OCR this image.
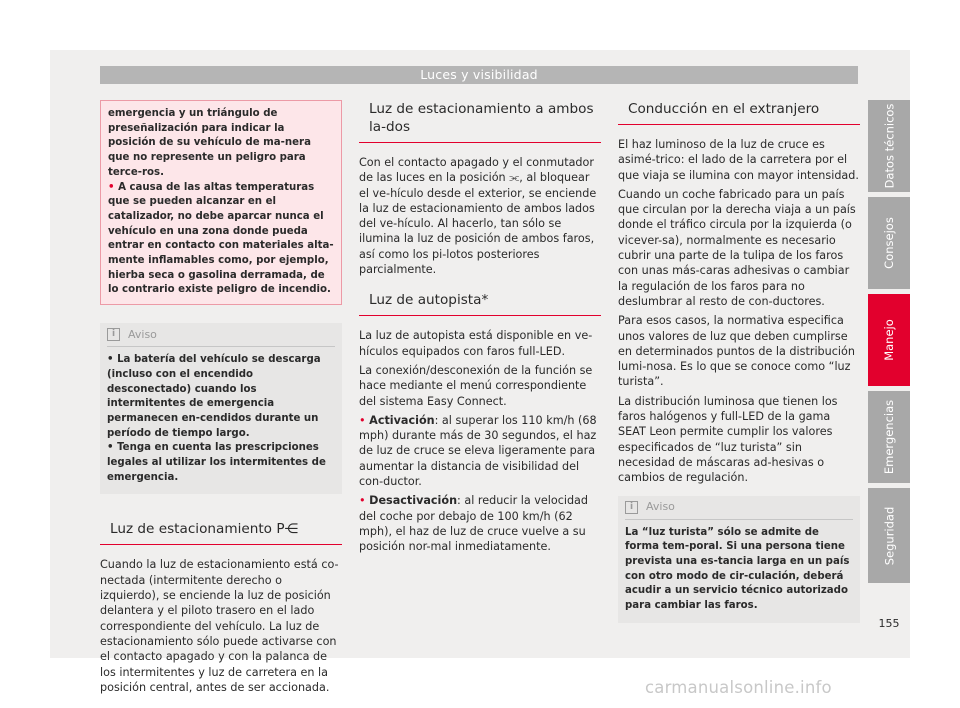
Luces y visibilidad

emergencia y un triángulo de preseñalización para indicar la posición de su vehículo de ma-nera que no represente un peligro para terce-ros.

• A causa de las altas temperaturas que se pueden alcanzar en el catalizador, no debe aparcar nunca el vehículo en una zona donde pueda entrar en contacto con materiales alta-mente inflamables como, por ejemplo, hierba seca o gasolina derramada, de lo contrario existe peligro de incendio.

i	Aviso

• La batería del vehículo se descarga (incluso con el encendido desconectado) cuando los intermitentes de emergencia permanecen en-cendidos durante un período de tiempo largo.

• Tenga en cuenta las prescripciones legales al utilizar los intermitentes de emergencia.

Luz de estacionamiento P⋲

Cuando la luz de estacionamiento está co-nectada (intermitente derecho o izquierdo), se enciende la luz de posición delantera y el piloto trasero en el lado correspondiente del vehículo. La luz de estacionamiento sólo puede activarse con el contacto apagado y con la palanca de los intermitentes y luz de carretera en la posición central, antes de ser accionada.

Luz de estacionamiento a ambos la-dos

Con el contacto apagado y el conmutador de las luces en la posición ⫘, al bloquear el ve-hículo desde el exterior, se enciende la luz de estacionamiento de ambos lados del ve-hículo. Al hacerlo, tan sólo se ilumina la luz de posición de ambos faros, así como los pi-lotos posteriores parcialmente.

Luz de autopista*

La luz de autopista está disponible en ve-hículos equipados con faros full-LED.

La conexión/desconexión de la función se hace mediante el menú correspondiente del sistema Easy Connect.

• Activación: al superar los 110 km/h (68 mph) durante más de 30 segundos, el haz de luz de cruce se eleva ligeramente para aumentar la distancia de visibilidad del con-ductor.

• Desactivación: al reducir la velocidad del coche por debajo de 100 km/h (62 mph), el haz de luz de cruce vuelve a su posición nor-mal inmediatamente.

Conducción en el extranjero

El haz luminoso de la luz de cruce es asimé-trico: el lado de la carretera por el que viaja se ilumina con mayor intensidad.

Cuando un coche fabricado para un país que circulan por la derecha viaja a un país donde el tráfico circula por la izquierda (o vicever-sa), normalmente es necesario cubrir una parte de la tulipa de los faros con unas más-caras adhesivas o cambiar la regulación de los faros para no deslumbrar al resto de con-ductores.

Para esos casos, la normativa especifica unos valores de luz que deben cumplirse en determinados puntos de la distribución lumi-nosa. Es lo que se conoce como “luz turista”.

La distribución luminosa que tienen los faros halógenos y full-LED de la gama SEAT Leon permite cumplir los valores especificados de “luz turista” sin necesidad de máscaras ad-hesivas o cambios de regulación.

i	Aviso

La “luz turista” sólo se admite de forma tem-poral. Si una persona tiene prevista una es-tancia larga en un país con otro modo de cir-culación, deberá acudir a un servicio técnico autorizado para cambiar las faros.

Datos técnicos
Consejos
Manejo
Emergencias
Seguridad
155
carmanualsonline.info
